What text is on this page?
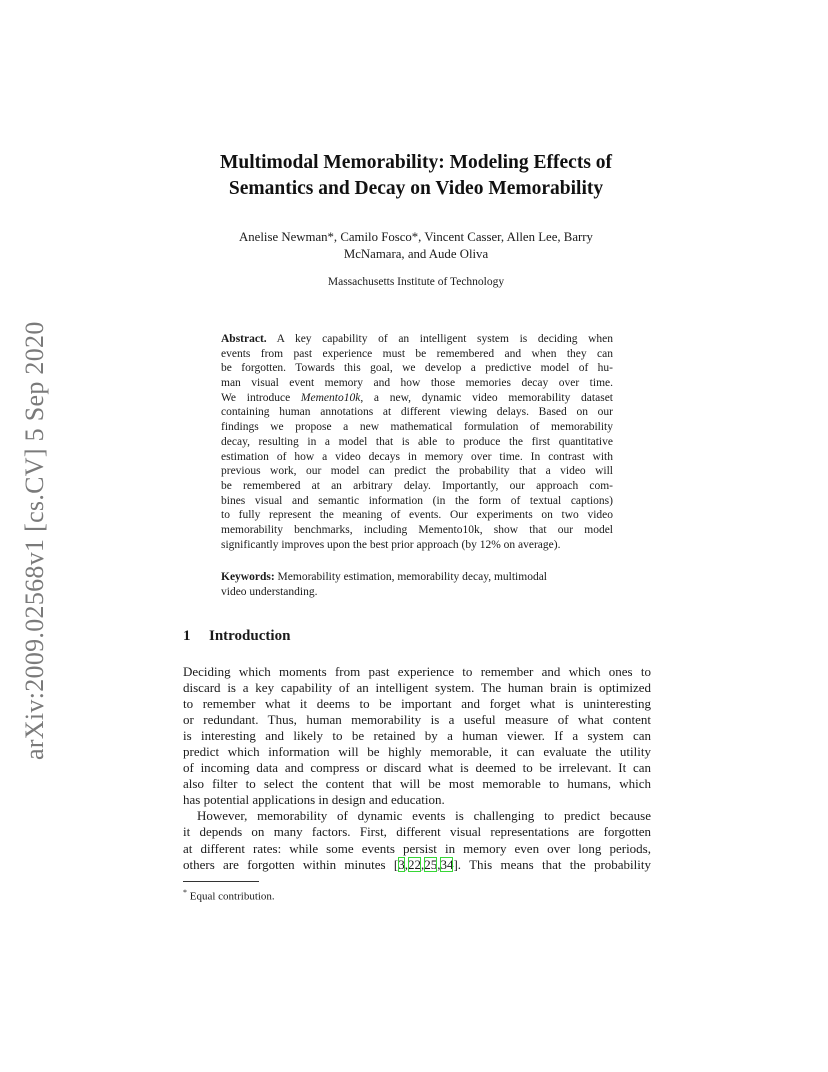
arXiv:2009.02568v1 [cs.CV] 5 Sep 2020
Multimodal Memorability: Modeling Effects of
Semantics and Decay on Video Memorability
Anelise Newman*, Camilo Fosco*, Vincent Casser, Allen Lee, Barry
McNamara, and Aude Oliva
Massachusetts Institute of Technology
Abstract. A key capability of an intelligent system is deciding when
events from past experience must be remembered and when they can
be forgotten. Towards this goal, we develop a predictive model of hu-
man visual event memory and how those memories decay over time.
We introduce Memento10k, a new, dynamic video memorability dataset
containing human annotations at different viewing delays. Based on our
findings we propose a new mathematical formulation of memorability
decay, resulting in a model that is able to produce the first quantitative
estimation of how a video decays in memory over time. In contrast with
previous work, our model can predict the probability that a video will
be remembered at an arbitrary delay. Importantly, our approach com-
bines visual and semantic information (in the form of textual captions)
to fully represent the meaning of events. Our experiments on two video
memorability benchmarks, including Memento10k, show that our model
significantly improves upon the best prior approach (by 12% on average).
Keywords: Memorability estimation, memorability decay, multimodal
video understanding.
1 Introduction
Deciding which moments from past experience to remember and which ones to
discard is a key capability of an intelligent system. The human brain is optimized
to remember what it deems to be important and forget what is uninteresting
or redundant. Thus, human memorability is a useful measure of what content
is interesting and likely to be retained by a human viewer. If a system can
predict which information will be highly memorable, it can evaluate the utility
of incoming data and compress or discard what is deemed to be irrelevant. It can
also filter to select the content that will be most memorable to humans, which
has potential applications in design and education.
However, memorability of dynamic events is challenging to predict because
it depends on many factors. First, different visual representations are forgotten
at different rates: while some events persist in memory even over long periods,
others are forgotten within minutes [3,22,25,34]. This means that the probability
* Equal contribution.
